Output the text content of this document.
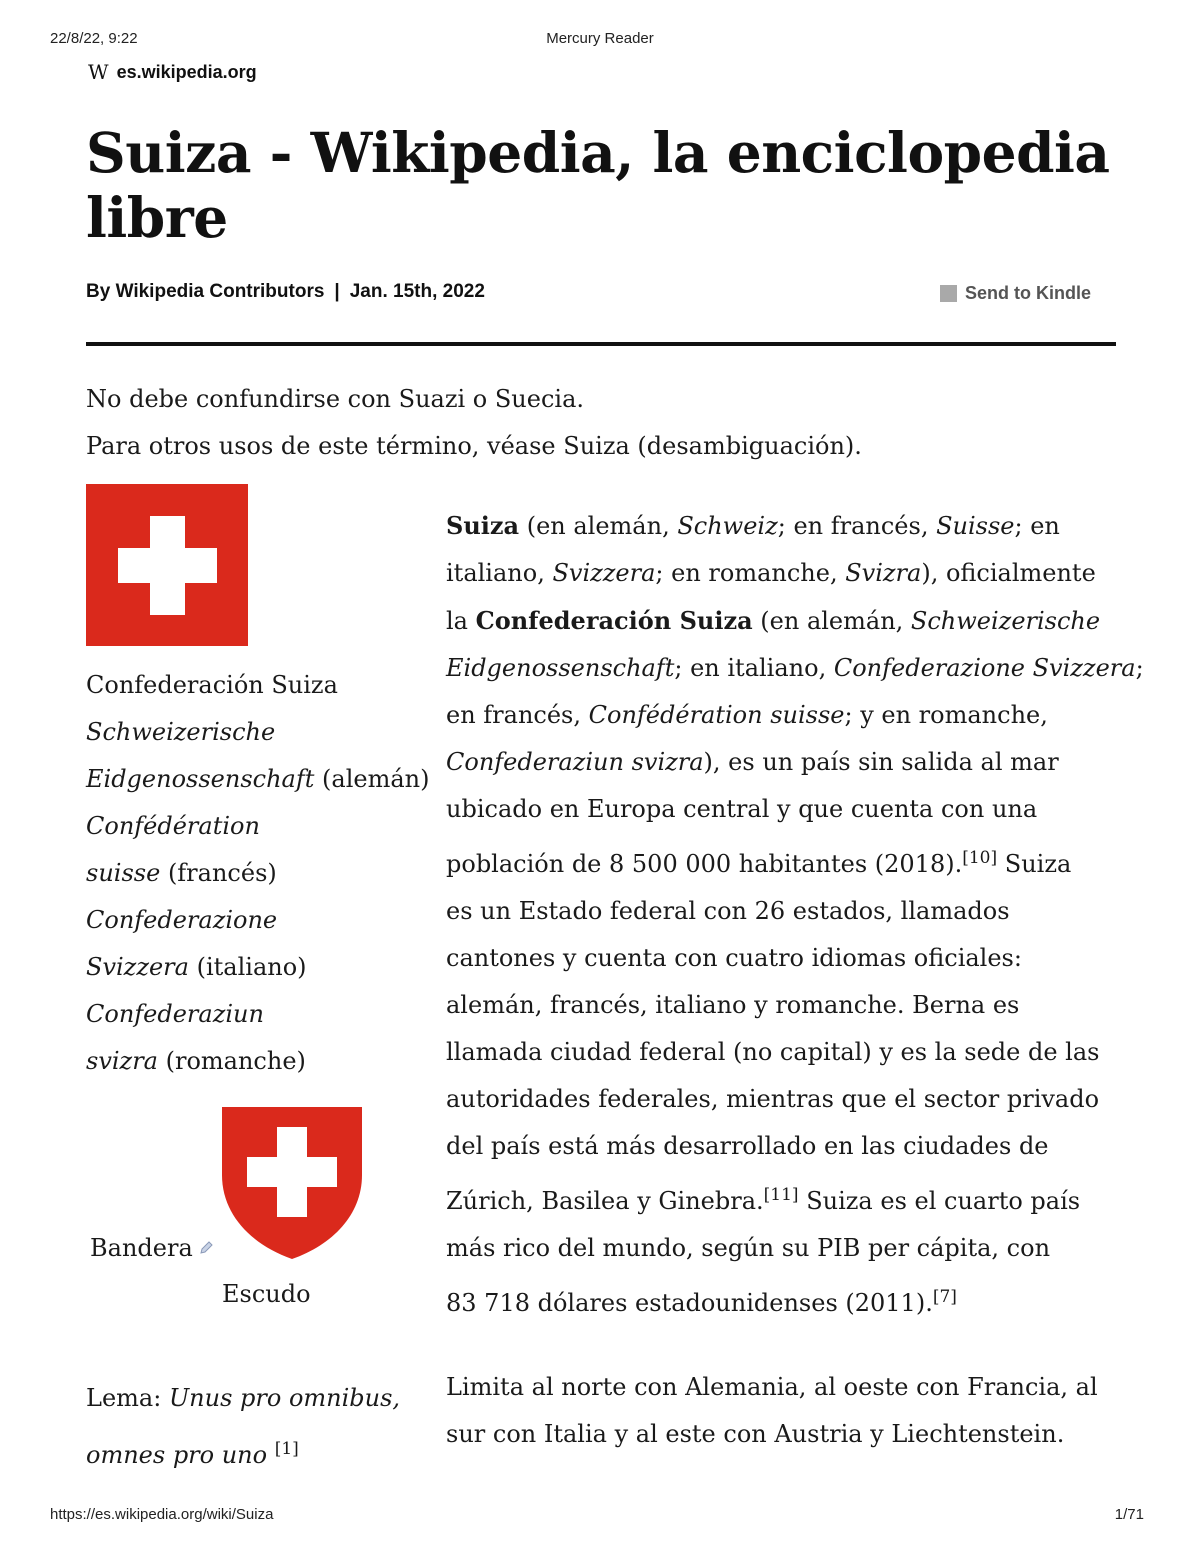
22/8/22, 9:22	Mercury Reader
W es.wikipedia.org
Suiza - Wikipedia, la enciclopedia libre
By Wikipedia Contributors | Jan. 15th, 2022	Send to Kindle
No debe confundirse con Suazi o Suecia.
Para otros usos de este término, véase Suiza (desambiguación).
Confederación Suiza
Schweizerische
Eidgenossenschaft (alemán)
Confédération
suisse (francés)
Confederazione
Svizzera (italiano)
Confederaziun
svizra (romanche)
Bandera
Escudo
Lema: Unus pro omnibus,
omnes pro uno [1]
Suiza (en alemán, Schweiz; en francés, Suisse; en
italiano, Svizzera; en romanche, Svizra), oficialmente
la Confederación Suiza (en alemán, Schweizerische
Eidgenossenschaft; en italiano, Confederazione Svizzera;
en francés, Confédération suisse; y en romanche,
Confederaziun svizra), es un país sin salida al mar
ubicado en Europa central y que cuenta con una
población de 8 500 000 habitantes (2018).[10] Suiza
es un Estado federal con 26 estados, llamados
cantones y cuenta con cuatro idiomas oficiales:
alemán, francés, italiano y romanche. Berna es
llamada ciudad federal (no capital) y es la sede de las
autoridades federales, mientras que el sector privado
del país está más desarrollado en las ciudades de
Zúrich, Basilea y Ginebra.[11] Suiza es el cuarto país
más rico del mundo, según su PIB per cápita, con
83 718 dólares estadounidenses (2011).[7]
Limita al norte con Alemania, al oeste con Francia, al
sur con Italia y al este con Austria y Liechtenstein.
https://es.wikipedia.org/wiki/Suiza	1/71
